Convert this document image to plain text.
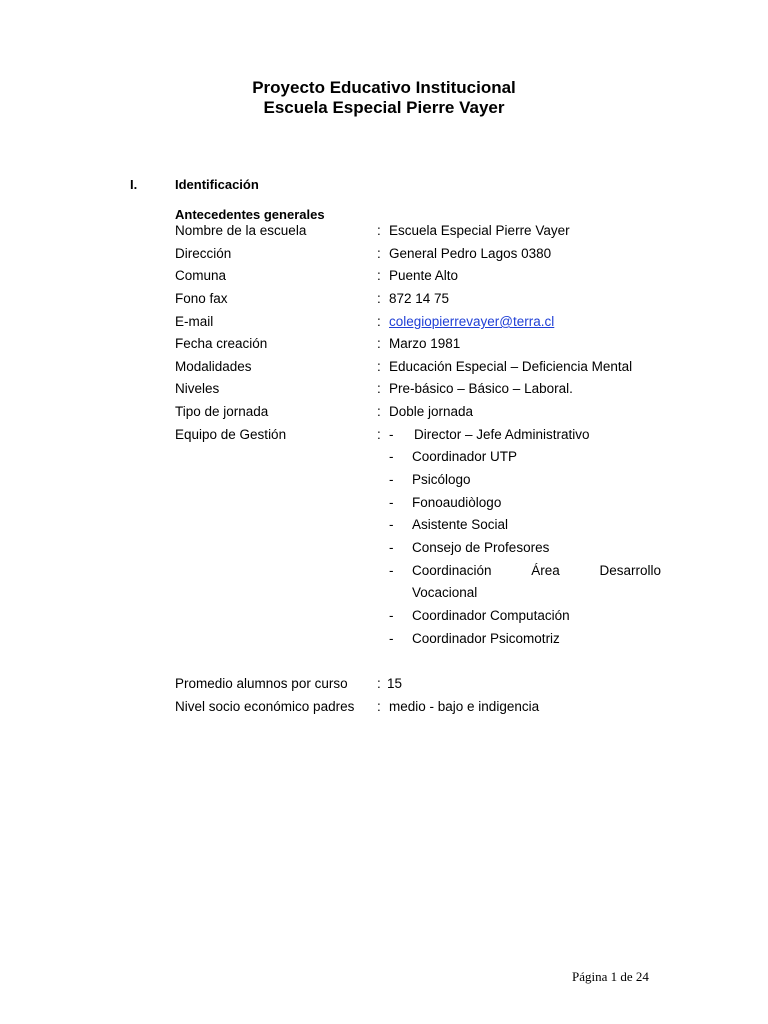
Proyecto Educativo Institucional
Escuela Especial Pierre Vayer
I.	Identificación
Antecedentes generales
Nombre de la escuela	: Escuela Especial Pierre Vayer
Dirección	: General Pedro Lagos 0380
Comuna	: Puente Alto
Fono fax	: 872 14 75
E-mail	: colegiopierrevayer@terra.cl
Fecha creación	: Marzo 1981
Modalidades	: Educación Especial – Deficiencia Mental
Niveles	: Pre-básico – Básico – Laboral.
Tipo de jornada	: Doble jornada
Equipo de Gestión	: - Director – Jefe Administrativo
- Coordinador UTP
- Psicólogo
- Fonoaudiòlogo
- Asistente Social
- Consejo de Profesores
- Coordinación	Área	Desarrollo
Vocacional
- Coordinador Computación
- Coordinador Psicomotriz
Promedio alumnos por curso : 15
Nivel socio económico padres : medio - bajo e indigencia
Página 1 de 24
